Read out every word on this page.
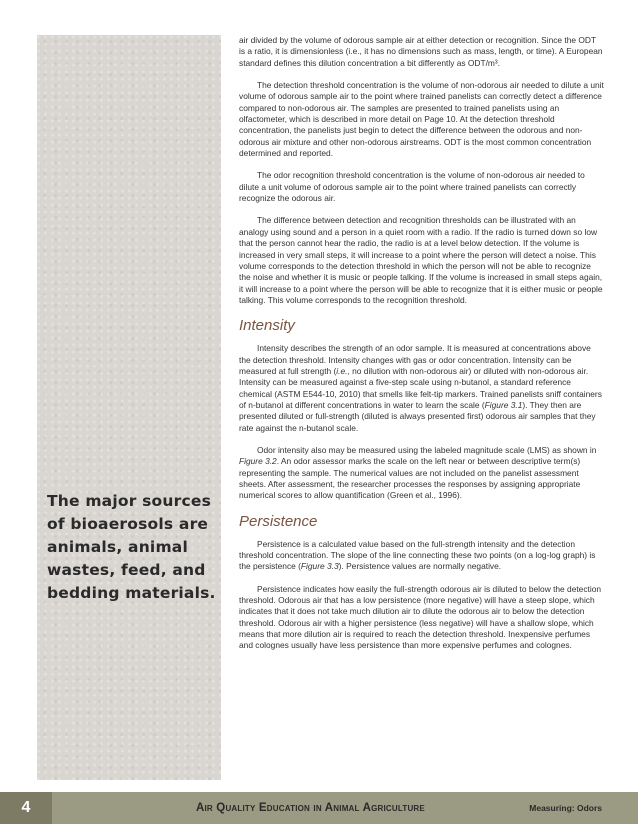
The major sources of bioaerosols are animals, animal wastes, feed, and bedding materials.

air divided by the volume of odorous sample air at either detection or recognition. Since the ODT is a ratio, it is dimensionless (i.e., it has no dimensions such as mass, length, or time). A European standard defines this dilution concentration a bit differently as ODT/m³.

The detection threshold concentration is the volume of non-odorous air needed to dilute a unit volume of odorous sample air to the point where trained panelists can correctly detect a difference compared to non-odorous air. The samples are presented to trained panelists using an olfactometer, which is described in more detail on Page 10. At the detection threshold concentration, the panelists just begin to detect the difference between the odorous and non-odorous air mixture and other non-odorous airstreams. ODT is the most common concentration determined and reported.

The odor recognition threshold concentration is the volume of non-odorous air needed to dilute a unit volume of odorous sample air to the point where trained panelists can correctly recognize the odorous air.

The difference between detection and recognition thresholds can be illustrated with an analogy using sound and a person in a quiet room with a radio. If the radio is turned down so low that the person cannot hear the radio, the radio is at a level below detection. If the volume is increased in very small steps, it will increase to a point where the person will detect a noise. This volume corresponds to the detection threshold in which the person will not be able to recognize the noise and whether it is music or people talking. If the volume is increased in small steps again, it will increase to a point where the person will be able to recognize that it is either music or people talking. This volume corresponds to the recognition threshold.

Intensity

Intensity describes the strength of an odor sample. It is measured at concentrations above the detection threshold. Intensity changes with gas or odor concentration. Intensity can be measured at full strength (i.e., no dilution with non-odorous air) or diluted with non-odorous air. Intensity can be measured against a five-step scale using n-butanol, a standard reference chemical (ASTM E544-10, 2010) that smells like felt-tip markers. Trained panelists sniff containers of n-butanol at different concentrations in water to learn the scale (Figure 3.1). They then are presented diluted or full-strength (diluted is always presented first) odorous air samples that they rate against the n-butanol scale.

Odor intensity also may be measured using the labeled magnitude scale (LMS) as shown in Figure 3.2. An odor assessor marks the scale on the left near or between descriptive term(s) representing the sample. The numerical values are not included on the panelist assessment sheets. After assessment, the researcher processes the responses by assigning appropriate numerical scores to allow quantification (Green et al., 1996).

Persistence

Persistence is a calculated value based on the full-strength intensity and the detection threshold concentration. The slope of the line connecting these two points (on a log-log graph) is the persistence (Figure 3.3). Persistence values are normally negative.

Persistence indicates how easily the full-strength odorous air is diluted to below the detection threshold. Odorous air that has a low persistence (more negative) will have a steep slope, which indicates that it does not take much dilution air to dilute the odorous air to below the detection threshold. Odorous air with a higher persistence (less negative) will have a shallow slope, which means that more dilution air is required to reach the detection threshold. Inexpensive perfumes and colognes usually have less persistence than more expensive perfumes and colognes.

4	Air Quality Education in Animal Agriculture	Measuring: Odors
